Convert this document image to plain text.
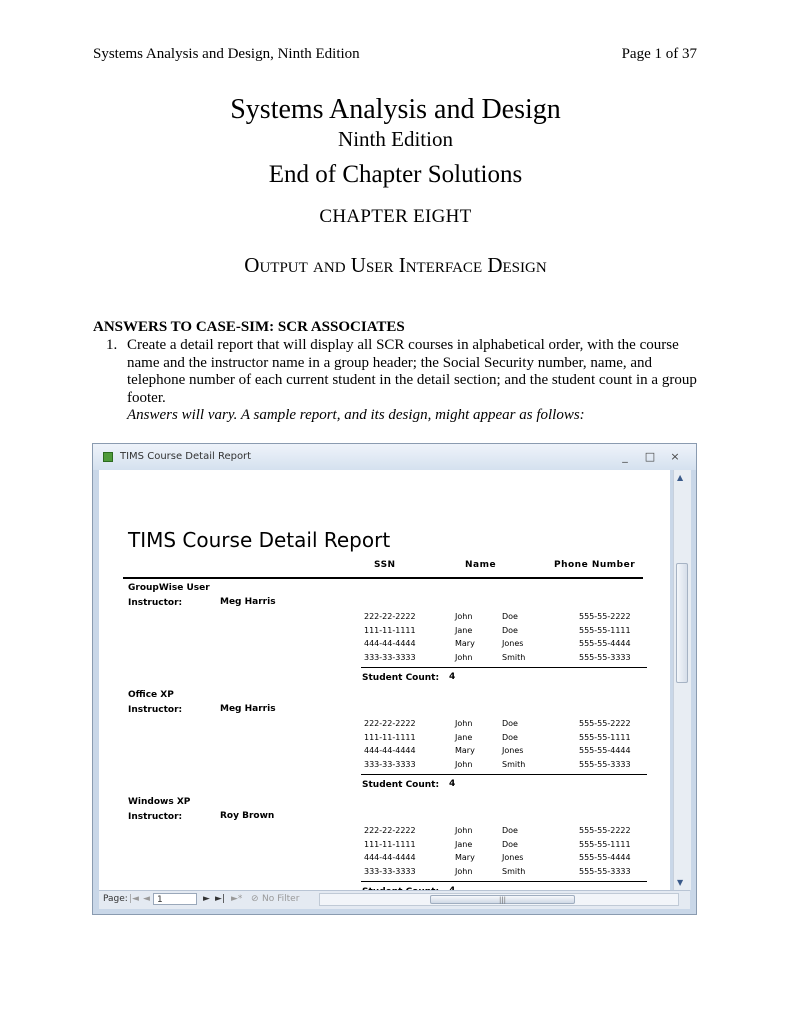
Systems Analysis and Design, Ninth Edition	Page 1 of 37
Systems Analysis and Design
Ninth Edition
End of Chapter Solutions
CHAPTER EIGHT
Output and User Interface Design
ANSWERS TO CASE-SIM: SCR ASSOCIATES
1. Create a detail report that will display all SCR courses in alphabetical order, with the course name and the instructor name in a group header; the Social Security number, name, and telephone number of each current student in the detail section; and the student count in a group footer.
Answers will vary. A sample report, and its design, might appear as follows:
TIMS Course Detail Report	_	□	×
TIMS Course Detail Report
SSN	Name	Phone Number
GroupWise User
Instructor:	Meg Harris
222-22-2222	John	Doe	555-55-2222
111-11-1111	Jane	Doe	555-55-1111
444-44-4444	Mary	Jones	555-55-4444
333-33-3333	John	Smith	555-55-3333
Student Count: 4
Office XP
Instructor:	Meg Harris
222-22-2222	John	Doe	555-55-2222
111-11-1111	Jane	Doe	555-55-1111
444-44-4444	Mary	Jones	555-55-4444
333-33-3333	John	Smith	555-55-3333
Student Count: 4
Windows XP
Instructor:	Roy Brown
222-22-2222	John	Doe	555-55-2222
111-11-1111	Jane	Doe	555-55-1111
444-44-4444	Mary	Jones	555-55-4444
333-33-3333	John	Smith	555-55-3333
▲
▼
Page: |◄ ◄ 1	► ►| ►* ⊘ No Filter	|||
